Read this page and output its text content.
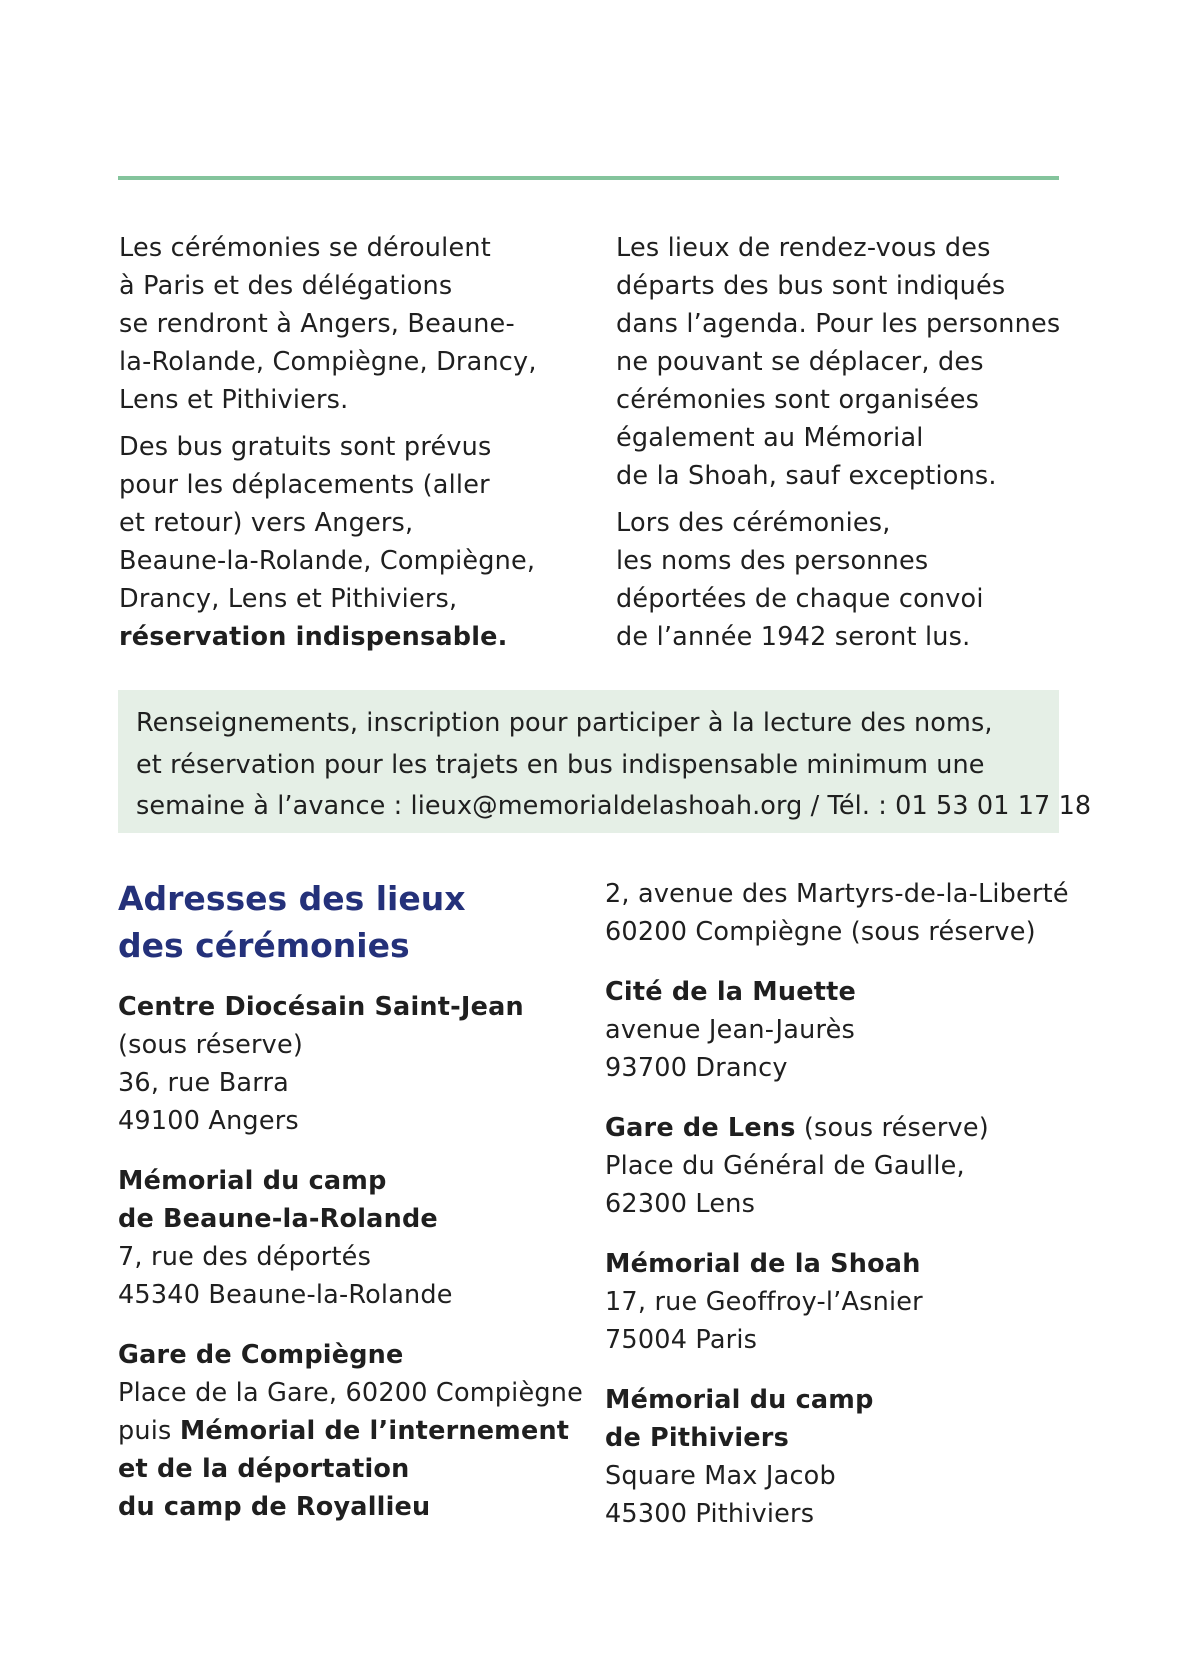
Les cérémonies se déroulent
à Paris et des délégations
se rendront à Angers, Beaune-
la-Rolande, Compiègne, Drancy,
Lens et Pithiviers.

Des bus gratuits sont prévus
pour les déplacements (aller
et retour) vers Angers,
Beaune-la-Rolande, Compiègne,
Drancy, Lens et Pithiviers,
réservation indispensable.

Les lieux de rendez-vous des
départs des bus sont indiqués
dans l’agenda. Pour les personnes
ne pouvant se déplacer, des
cérémonies sont organisées
également au Mémorial
de la Shoah, sauf exceptions.

Lors des cérémonies,
les noms des personnes
déportées de chaque convoi
de l’année 1942 seront lus.

Renseignements, inscription pour participer à la lecture des noms,
et réservation pour les trajets en bus indispensable minimum une
semaine à l’avance : lieux@memorialdelashoah.org / Tél. : 01 53 01 17 18
Adresses des lieux
des cérémonies
Centre Diocésain Saint-Jean
(sous réserve)
36, rue Barra
49100 Angers
Mémorial du camp
de Beaune-la-Rolande
7, rue des déportés
45340 Beaune-la-Rolande
Gare de Compiègne
Place de la Gare, 60200 Compiègne
puis Mémorial de l’internement
et de la déportation
du camp de Royallieu
2, avenue des Martyrs-de-la-Liberté
60200 Compiègne (sous réserve)
Cité de la Muette
avenue Jean-Jaurès
93700 Drancy
Gare de Lens (sous réserve)
Place du Général de Gaulle,
62300 Lens
Mémorial de la Shoah
17, rue Geoffroy-l’Asnier
75004 Paris
Mémorial du camp
de Pithiviers
Square Max Jacob
45300 Pithiviers
